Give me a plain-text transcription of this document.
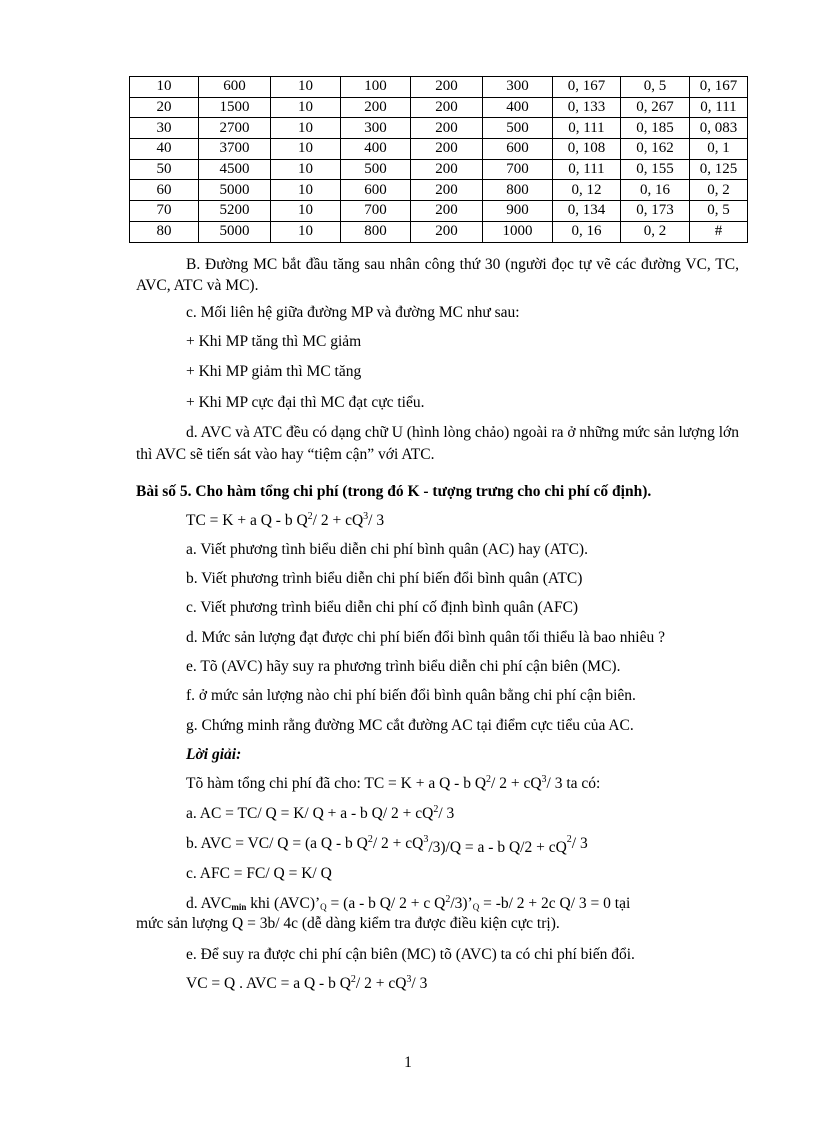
10	600	10	100	200	300	0, 167	0, 5	0, 167
20	1500	10	200	200	400	0, 133	0, 267	0, 111
30	2700	10	300	200	500	0, 111	0, 185	0, 083
40	3700	10	400	200	600	0, 108	0, 162	0, 1
50	4500	10	500	200	700	0, 111	0, 155	0, 125
60	5000	10	600	200	800	0, 12	0, 16	0, 2
70	5200	10	700	200	900	0, 134	0, 173	0, 5
80	5000	10	800	200	1000	0, 16	0, 2	#
B. Đường MC bắt đầu tăng sau nhân công thứ 30 (người đọc tự vẽ các đường VC, TC, AVC, ATC và MC).
c. Mối liên hệ giữa đường MP và đường MC như sau:
+ Khi MP tăng thì MC giảm
+ Khi MP giảm thì MC tăng
+ Khi MP cực đại thì MC đạt cực tiểu.
d. AVC và ATC đều có dạng chữ U (hình lòng chảo) ngoài ra ở những mức sản lượng lớn thì AVC sẽ tiến sát vào hay “tiệm cận” với ATC.
Bài số 5. Cho hàm tổng chi phí (trong đó K - tượng trưng cho chi phí cố định).
TC = K + a Q - b $Q^2/$ $2 + cQ^3/$ 3
a. Viết phương tình biểu diễn chi phí bình quân (AC) hay (ATC).
b. Viết phương trình biểu diễn chi phí biến đổi bình quân (ATC)
c. Viết phương trình biểu diễn chi phí cố định bình quân (AFC)
d. Mức sản lượng đạt được chi phí biến đổi bình quân tối thiểu là bao nhiêu ?
e. Tõ (AVC) hãy suy ra phương trình biểu diễn chi phí cận biên (MC).
f. ở mức sản lượng nào chi phí biến đổi bình quân bằng chi phí cận biên.
g. Chứng minh rằng đường MC cắt đường AC tại điểm cực tiểu của AC.
Lời giải:
Tõ hàm tổng chi phí đã cho: TC = K + a Q - b $Q^2/$ $2 + cQ^3/$ 3 ta có:
a. AC = TC/ Q = K/ Q + a - b Q/ $2 + cQ^2/$ 3
b. AVC = VC/ Q = (a Q - b $Q^2/$ $2 + cQ^3/3)/Q = a - b$ $Q/2 + cQ^2/$ 3
c. AFC = FC/ Q = K/ Q
d. $AVC_{min}$ khi $(AVC)’_Q = (a - b$ Q/ 2 + c $Q^2/3)’_Q = -b/$ 2 + 2c Q/ 3 = 0 tại
mức sản lượng Q = 3b/ 4c (dễ dàng kiểm tra được điều kiện cực trị).
e. Để suy ra được chi phí cận biên (MC) tõ (AVC) ta có chi phí biến đổi.
VC = Q . AVC = a Q - b $Q^2/$ $2 + cQ^3/$ 3
1
